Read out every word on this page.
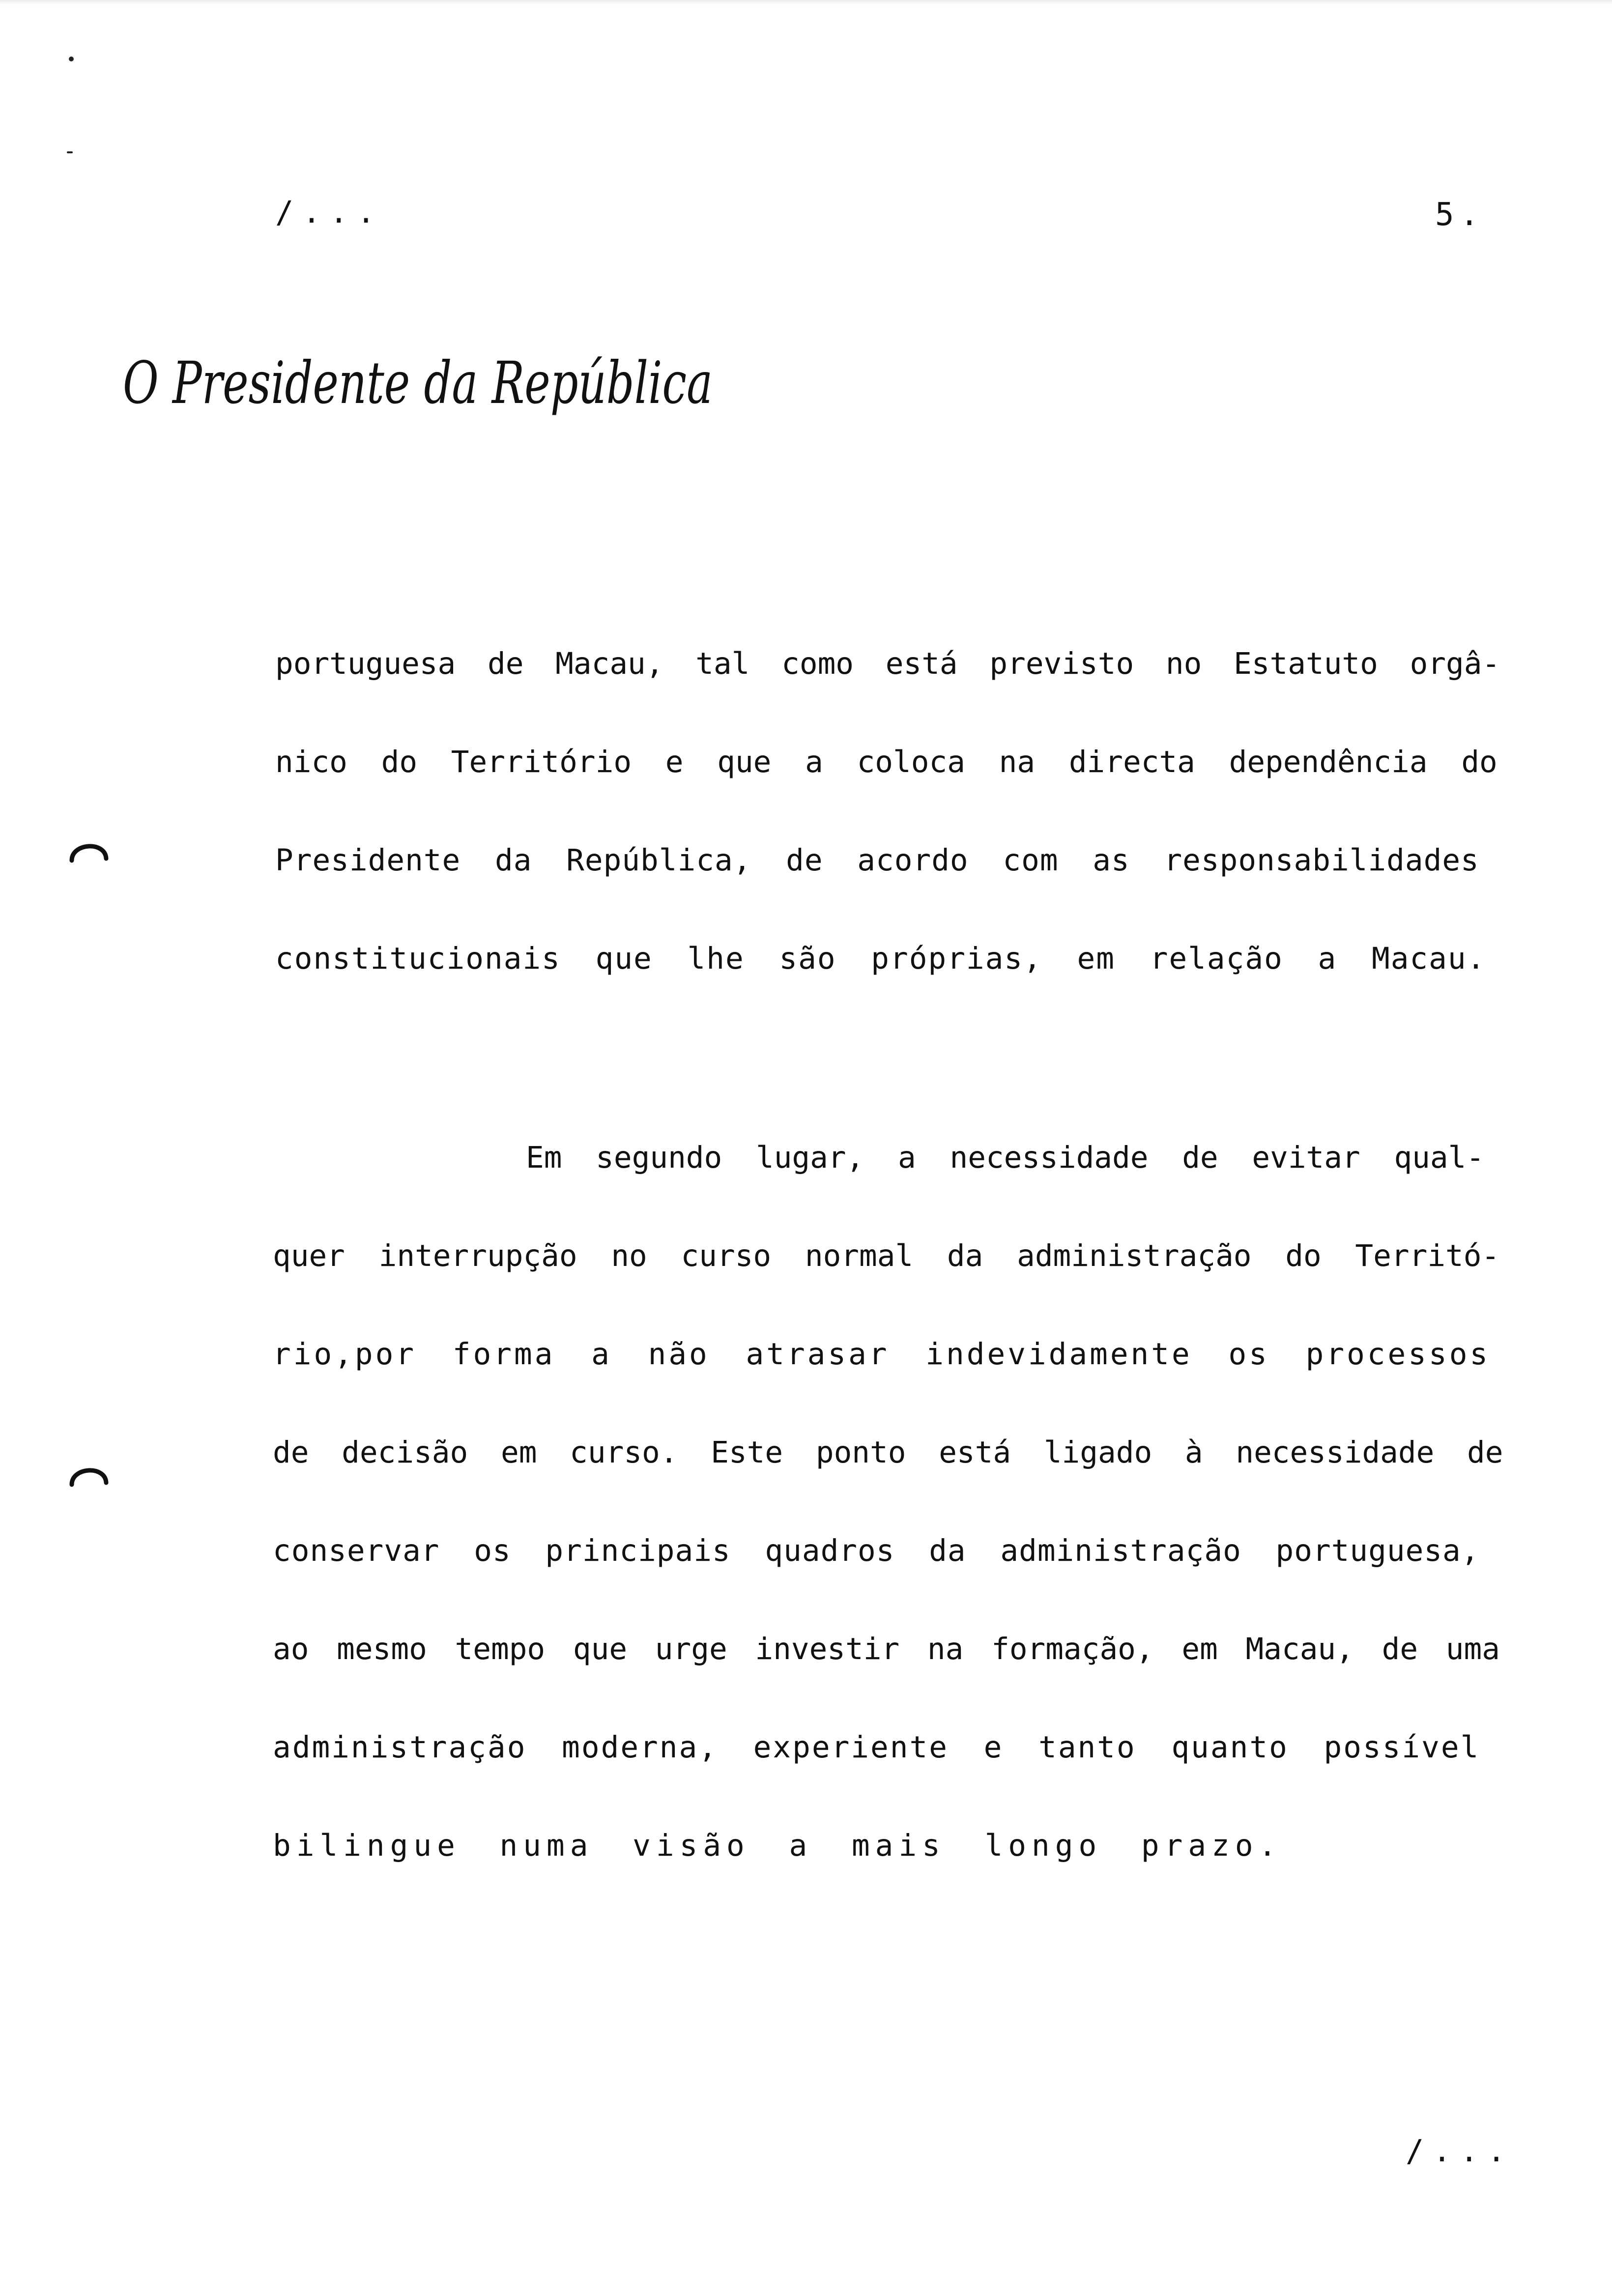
/...	5.
O Presidente da República
portuguesa de Macau, tal como está previsto no Estatuto orgâ-
nico do Território e que a coloca na directa dependência do
Presidente da República, de acordo com as responsabilidades
constitucionais que lhe são próprias, em relação a Macau.
Em segundo lugar, a necessidade de evitar qual-
quer interrupção no curso normal da administração do Territó-
rio,por forma a não atrasar indevidamente os processos
de decisão em curso. Este ponto está ligado à necessidade de
conservar os principais quadros da administração portuguesa,
ao mesmo tempo que urge investir na formação, em Macau, de uma
administração moderna, experiente e tanto quanto possível
bilingue numa visão a mais longo prazo.
/...
